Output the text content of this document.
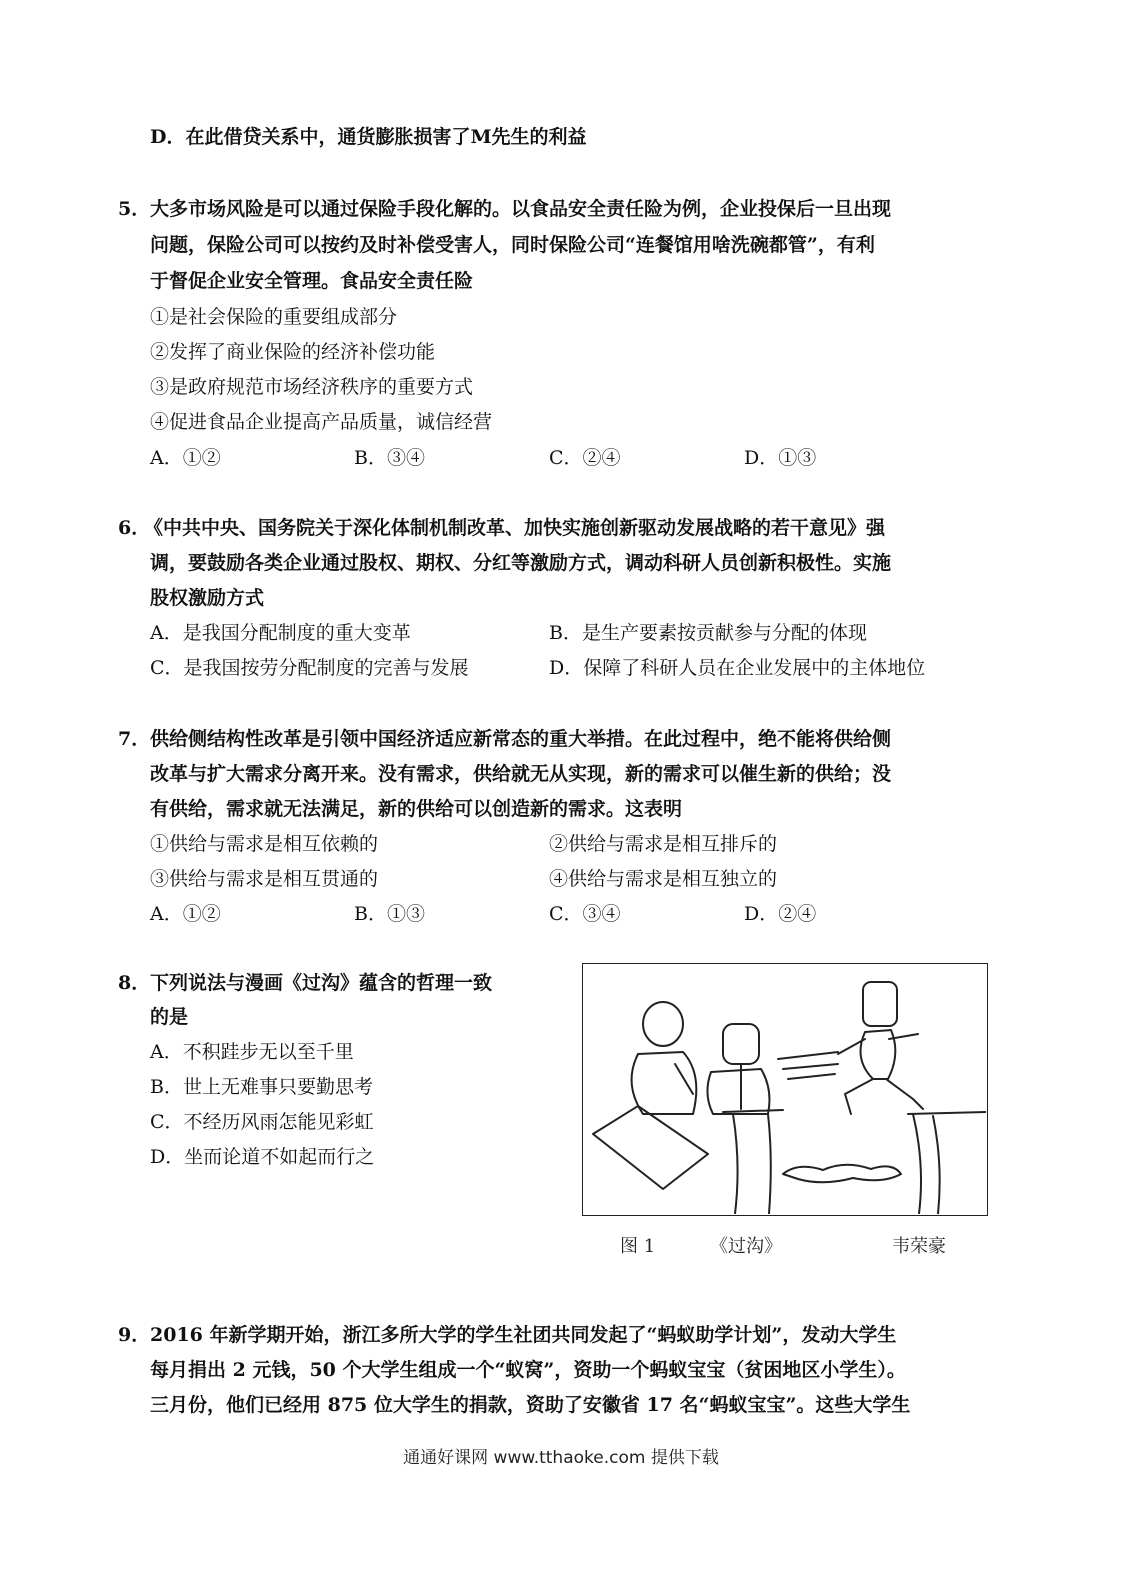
D．在此借贷关系中，通货膨胀损害了M先生的利益
5． 大多市场风险是可以通过保险手段化解的。以食品安全责任险为例，企业投保后一旦出现
问题，保险公司可以按约及时补偿受害人，同时保险公司“连餐馆用啥洗碗都管”，有利
于督促企业安全管理。食品安全责任险
①是社会保险的重要组成部分
②发挥了商业保险的经济补偿功能
③是政府规范市场经济秩序的重要方式
④促进食品企业提高产品质量，诚信经营
A．①②	B．③④	C．②④	D．①③
6．
《中共中央、国务院关于深化体制机制改革、加快实施创新驱动发展战略的若干意见》强
调，要鼓励各类企业通过股权、期权、分红等激励方式，调动科研人员创新积极性。实施
股权激励方式
A．是我国分配制度的重大变革	B．是生产要素按贡献参与分配的体现
C．是我国按劳分配制度的完善与发展	D．保障了科研人员在企业发展中的主体地位
7． 供给侧结构性改革是引领中国经济适应新常态的重大举措。在此过程中，绝不能将供给侧
改革与扩大需求分离开来。没有需求，供给就无从实现，新的需求可以催生新的供给；没
有供给，需求就无法满足，新的供给可以创造新的需求。这表明
①供给与需求是相互依赖的	②供给与需求是相互排斥的
③供给与需求是相互贯通的	④供给与需求是相互独立的
A．①②	B．①③	C．③④	D．②④
8． 下列说法与漫画《过沟》蕴含的哲理一致
的是
A．不积跬步无以至千里
B．世上无难事只要勤思考
C．不经历风雨怎能见彩虹
D．坐而论道不如起而行之
图 1	《过沟》	韦荣豪
9． 2016 年新学期开始，浙江多所大学的学生社团共同发起了“蚂蚁助学计划”，发动大学生
每月捐出 2 元钱，50 个大学生组成一个“蚁窝”，资助一个蚂蚁宝宝（贫困地区小学生）。
三月份，他们已经用 875 位大学生的捐款，资助了安徽省 17 名“蚂蚁宝宝”。这些大学生
通通好课网 www.tthaoke.com 提供下载
